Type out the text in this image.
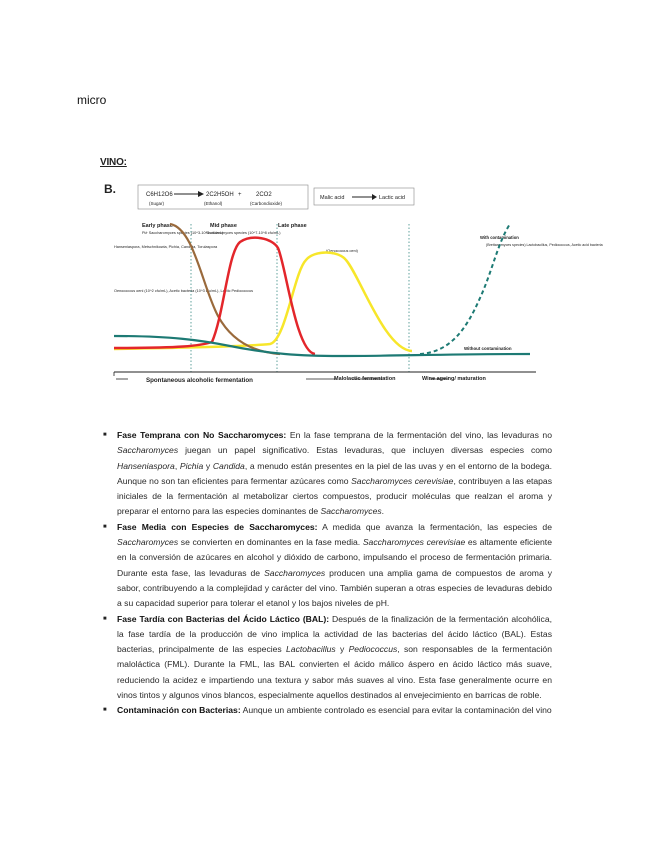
micro
VINO:
B.	C6H12O6
(Sugar)
2C2H5OH
(Ethanol)
+ 2CO2
(Carbondioxide)
Malic acid	Lactic acid
Early phase
Pi/r Saccharomyces species (10^3-10^4 cfu/mL)
Mid phase
Saccharomyces species (10^7-10^8 cfu/mL)
Late phase
(Oenococcus oeni)
Hanseniaspora, Metschnikowia, Pichia, Candida, Torulaspora
Oenococcus oeni (10^2 cfu/mL), Acetic bacteria (10^3 cfu/mL), Lactic Pediococcus
With contamination
(Brettanomyces species) Lactobacillus, Pediococcus, Acetic acid bacteria
Without contamination
Spontaneous alcoholic fermentation	Malolactic fermentation	Wine ageing/ maturation
■ Fase Temprana con No Saccharomyces: En la fase temprana de la fermentación del vino, las levaduras no Saccharomyces juegan un papel significativo. Estas levaduras, que incluyen diversas especies como Hanseniaspora, Pichia y Candida, a menudo están presentes en la piel de las uvas y en el entorno de la bodega. Aunque no son tan eficientes para fermentar azúcares como Saccharomyces cerevisiae, contribuyen a las etapas iniciales de la fermentación al metabolizar ciertos compuestos, producir moléculas que realzan el aroma y preparar el entorno para las especies dominantes de Saccharomyces.
■ Fase Media con Especies de Saccharomyces: A medida que avanza la fermentación, las especies de Saccharomyces se convierten en dominantes en la fase media. Saccharomyces cerevisiae es altamente eficiente en la conversión de azúcares en alcohol y dióxido de carbono, impulsando el proceso de fermentación primaria. Durante esta fase, las levaduras de Saccharomyces producen una amplia gama de compuestos de aroma y sabor, contribuyendo a la complejidad y carácter del vino. También superan a otras especies de levaduras debido a su capacidad superior para tolerar el etanol y los bajos niveles de pH.
■ Fase Tardía con Bacterias del Ácido Láctico (BAL): Después de la finalización de la fermentación alcohólica, la fase tardía de la producción de vino implica la actividad de las bacterias del ácido láctico (BAL). Estas bacterias, principalmente de las especies Lactobacillus y Pediococcus, son responsables de la fermentación maloláctica (FML). Durante la FML, las BAL convierten el ácido málico áspero en ácido láctico más suave, reduciendo la acidez e impartiendo una textura y sabor más suaves al vino. Esta fase generalmente ocurre en vinos tintos y algunos vinos blancos, especialmente aquellos destinados al envejecimiento en barricas de roble.
■ Contaminación con Bacterias: Aunque un ambiente controlado es esencial para evitar la contaminación del vino
